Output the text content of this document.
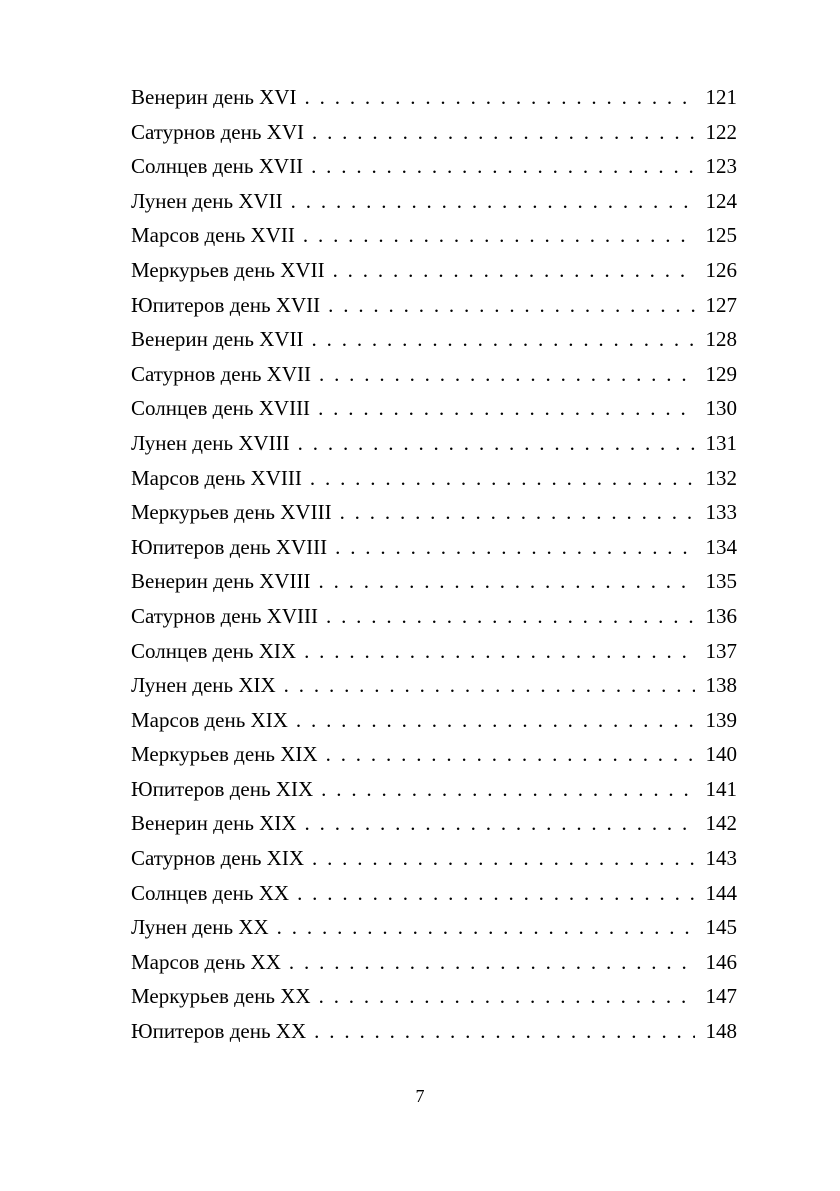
Венерин день XVI . . .	121
Сатурнов день XVI . . .	122
Солнцев день XVII . . .	123
Лунен день XVII . . .	124
Марсов день XVII . . .	125
Меркурьев день XVII . . .	126
Юпитеров день XVII . . .	127
Венерин день XVII . . .	128
Сатурнов день XVII . . .	129
Солнцев день XVIII . . .	130
Лунен день XVIII . . .	131
Марсов день XVIII . . .	132
Меркурьев день XVIII . . .	133
Юпитеров день XVIII . . .	134
Венерин день XVIII . . .	135
Сатурнов день XVIII . . .	136
Солнцев день XIX . . .	137
Лунен день XIX . . .	138
Марсов день XIX . . .	139
Меркурьев день XIX . . .	140
Юпитеров день XIX . . .	141
Венерин день XIX . . .	142
Сатурнов день XIX . . .	143
Солнцев день XX . . .	144
Лунен день XX . . .	145
Марсов день XX . . .	146
Меркурьев день XX . . .	147
Юпитеров день XX . . .	148
7
